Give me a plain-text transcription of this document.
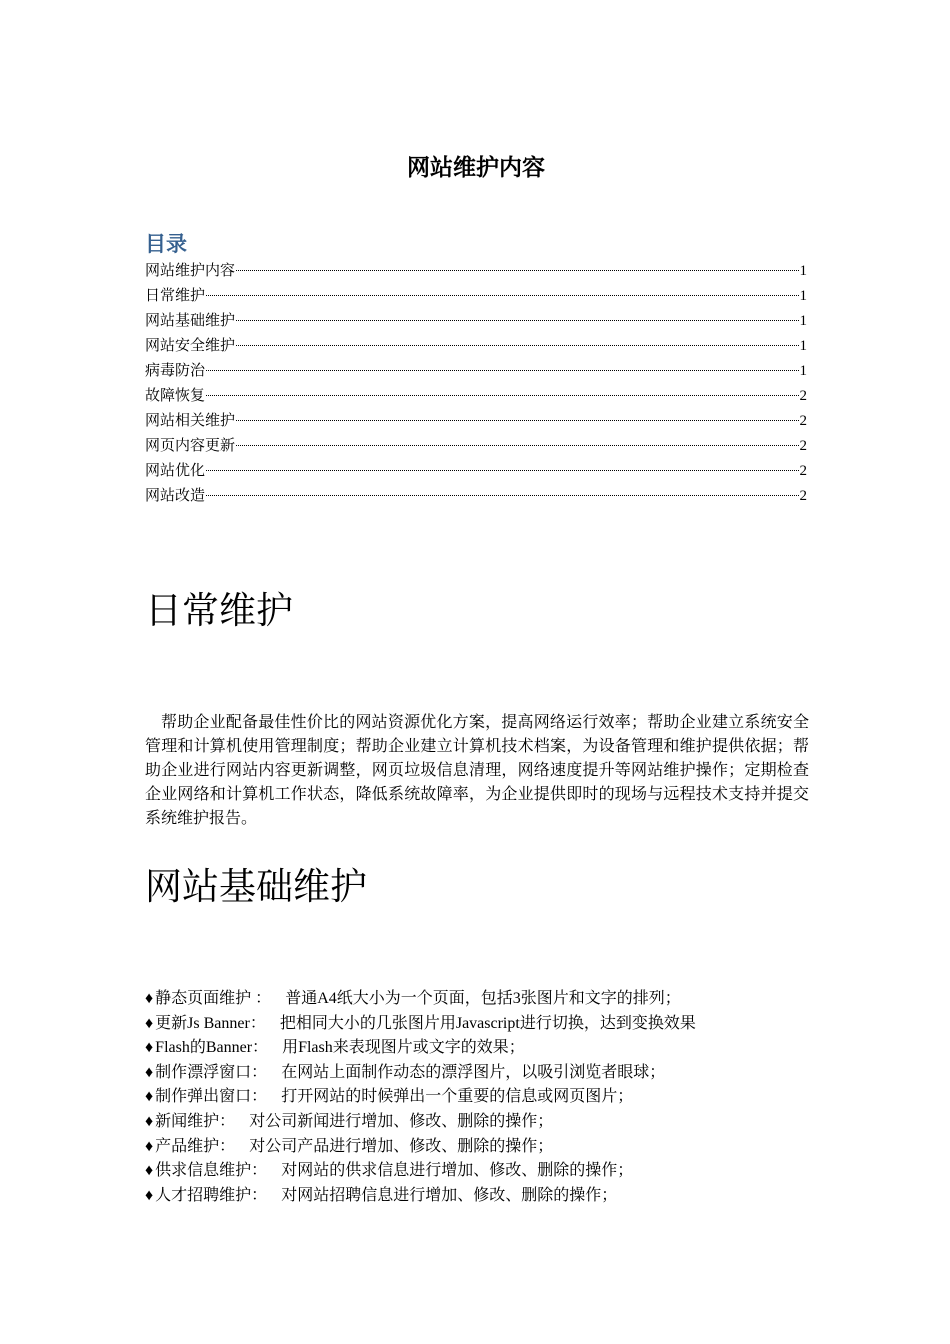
网站维护内容
目录
网站维护内容	1
日常维护	1
网站基础维护	1
网站安全维护	1
病毒防治	1
故障恢复	2
网站相关维护	2
网页内容更新	2
网站优化	2
网站改造	2
日常维护
帮助企业配备最佳性价比的网站资源优化方案，提高网络运行效率；帮助企业建立系统安全管理和计算机使用管理制度；帮助企业建立计算机技术档案，为设备管理和维护提供依据；帮助企业进行网站内容更新调整，网页垃圾信息清理，网络速度提升等网站维护操作；定期检查企业网络和计算机工作状态，降低系统故障率，为企业提供即时的现场与远程技术支持并提交系统维护报告。
网站基础维护
♦ 静态页面维护 ： 普通A4纸大小为一个页面，包括3张图片和文字的排列；
♦ 更新Js Banner： 把相同大小的几张图片用Javascript进行切换，达到变换效果
♦ Flash的Banner： 用Flash来表现图片或文字的效果；
♦ 制作漂浮窗口： 在网站上面制作动态的漂浮图片，以吸引浏览者眼球；
♦ 制作弹出窗口： 打开网站的时候弹出一个重要的信息或网页图片；
♦ 新闻维护： 对公司新闻进行增加、修改、删除的操作；
♦ 产品维护： 对公司产品进行增加、修改、删除的操作；
♦ 供求信息维护： 对网站的供求信息进行增加、修改、删除的操作；
♦ 人才招聘维护： 对网站招聘信息进行增加、修改、删除的操作；
